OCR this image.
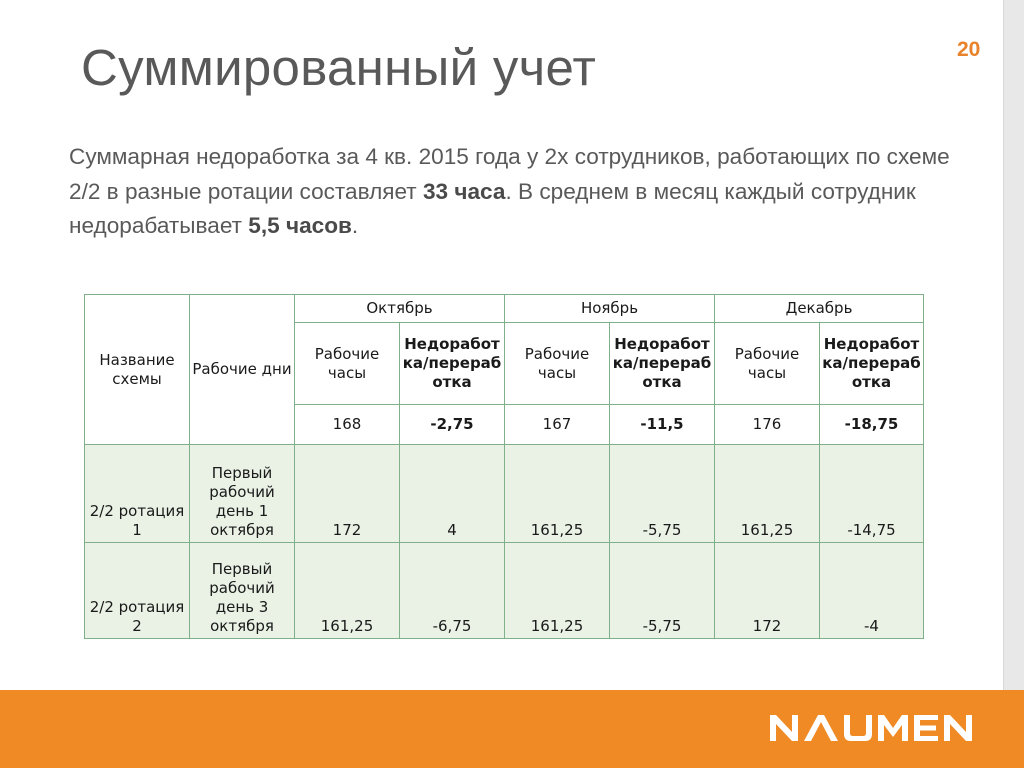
Суммированный учет	20

Суммарная недоработка за 4 кв. 2015 года у 2х сотрудников, работающих по схеме 2/2 в разные ротации составляет 33 часа. В среднем в месяц каждый сотрудник недорабатывает 5,5 часов.

Название схемы	Рабочие дни	Октябрь		Ноябрь		Декабрь	
		Рабочие часы	Недоработка/переработка	Рабочие часы	Недоработка/переработка	Рабочие часы	Недоработка/переработка
		168	-2,75	167	-11,5	176	-18,75
2/2 ротация 1	Первый рабочий день 1 октября	172	4	161,25	-5,75	161,25	-14,75
2/2 ротация 2	Первый рабочий день 3 октября	161,25	-6,75	161,25	-5,75	172	-4
